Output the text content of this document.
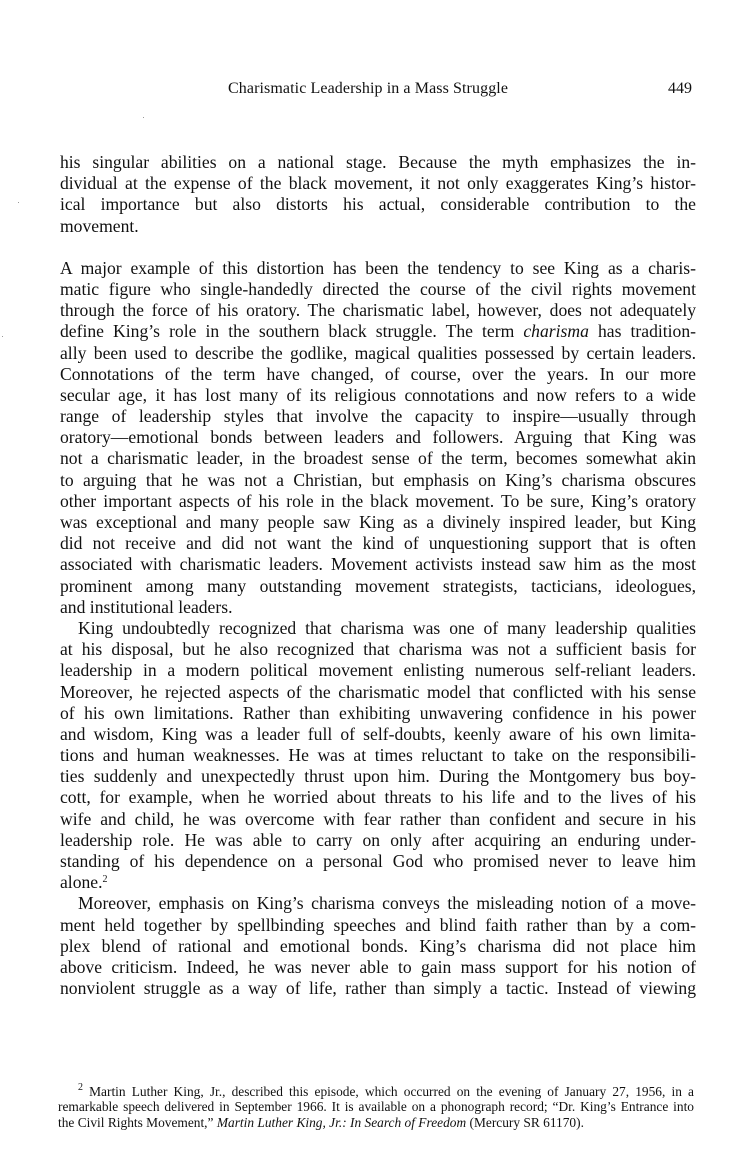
Charismatic Leadership in a Mass Struggle	449
his singular abilities on a national stage. Because the myth emphasizes the in-
dividual at the expense of the black movement, it not only exaggerates King’s histor-
ical importance but also distorts his actual, considerable contribution to the
movement.
A major example of this distortion has been the tendency to see King as a charis-
matic figure who single-handedly directed the course of the civil rights movement
through the force of his oratory. The charismatic label, however, does not adequately
define King’s role in the southern black struggle. The term charisma has tradition-
ally been used to describe the godlike, magical qualities possessed by certain leaders.
Connotations of the term have changed, of course, over the years. In our more
secular age, it has lost many of its religious connotations and now refers to a wide
range of leadership styles that involve the capacity to inspire—usually through
oratory—emotional bonds between leaders and followers. Arguing that King was
not a charismatic leader, in the broadest sense of the term, becomes somewhat akin
to arguing that he was not a Christian, but emphasis on King’s charisma obscures
other important aspects of his role in the black movement. To be sure, King’s oratory
was exceptional and many people saw King as a divinely inspired leader, but King
did not receive and did not want the kind of unquestioning support that is often
associated with charismatic leaders. Movement activists instead saw him as the most
prominent among many outstanding movement strategists, tacticians, ideologues,
and institutional leaders.
King undoubtedly recognized that charisma was one of many leadership qualities
at his disposal, but he also recognized that charisma was not a sufficient basis for
leadership in a modern political movement enlisting numerous self-reliant leaders.
Moreover, he rejected aspects of the charismatic model that conflicted with his sense
of his own limitations. Rather than exhibiting unwavering confidence in his power
and wisdom, King was a leader full of self-doubts, keenly aware of his own limita-
tions and human weaknesses. He was at times reluctant to take on the responsibili-
ties suddenly and unexpectedly thrust upon him. During the Montgomery bus boy-
cott, for example, when he worried about threats to his life and to the lives of his
wife and child, he was overcome with fear rather than confident and secure in his
leadership role. He was able to carry on only after acquiring an enduring under-
standing of his dependence on a personal God who promised never to leave him
alone.$^2$
Moreover, emphasis on King’s charisma conveys the misleading notion of a move-
ment held together by spellbinding speeches and blind faith rather than by a com-
plex blend of rational and emotional bonds. King’s charisma did not place him
above criticism. Indeed, he was never able to gain mass support for his notion of
nonviolent struggle as a way of life, rather than simply a tactic. Instead of viewing
$^2$ Martin Luther King, Jr., described this episode, which occurred on the evening of January 27, 1956, in a
remarkable speech delivered in September 1966. It is available on a phonograph record; “Dr. King’s Entrance into
the Civil Rights Movement,” Martin Luther King, Jr.: In Search of Freedom (Mercury SR 61170).
